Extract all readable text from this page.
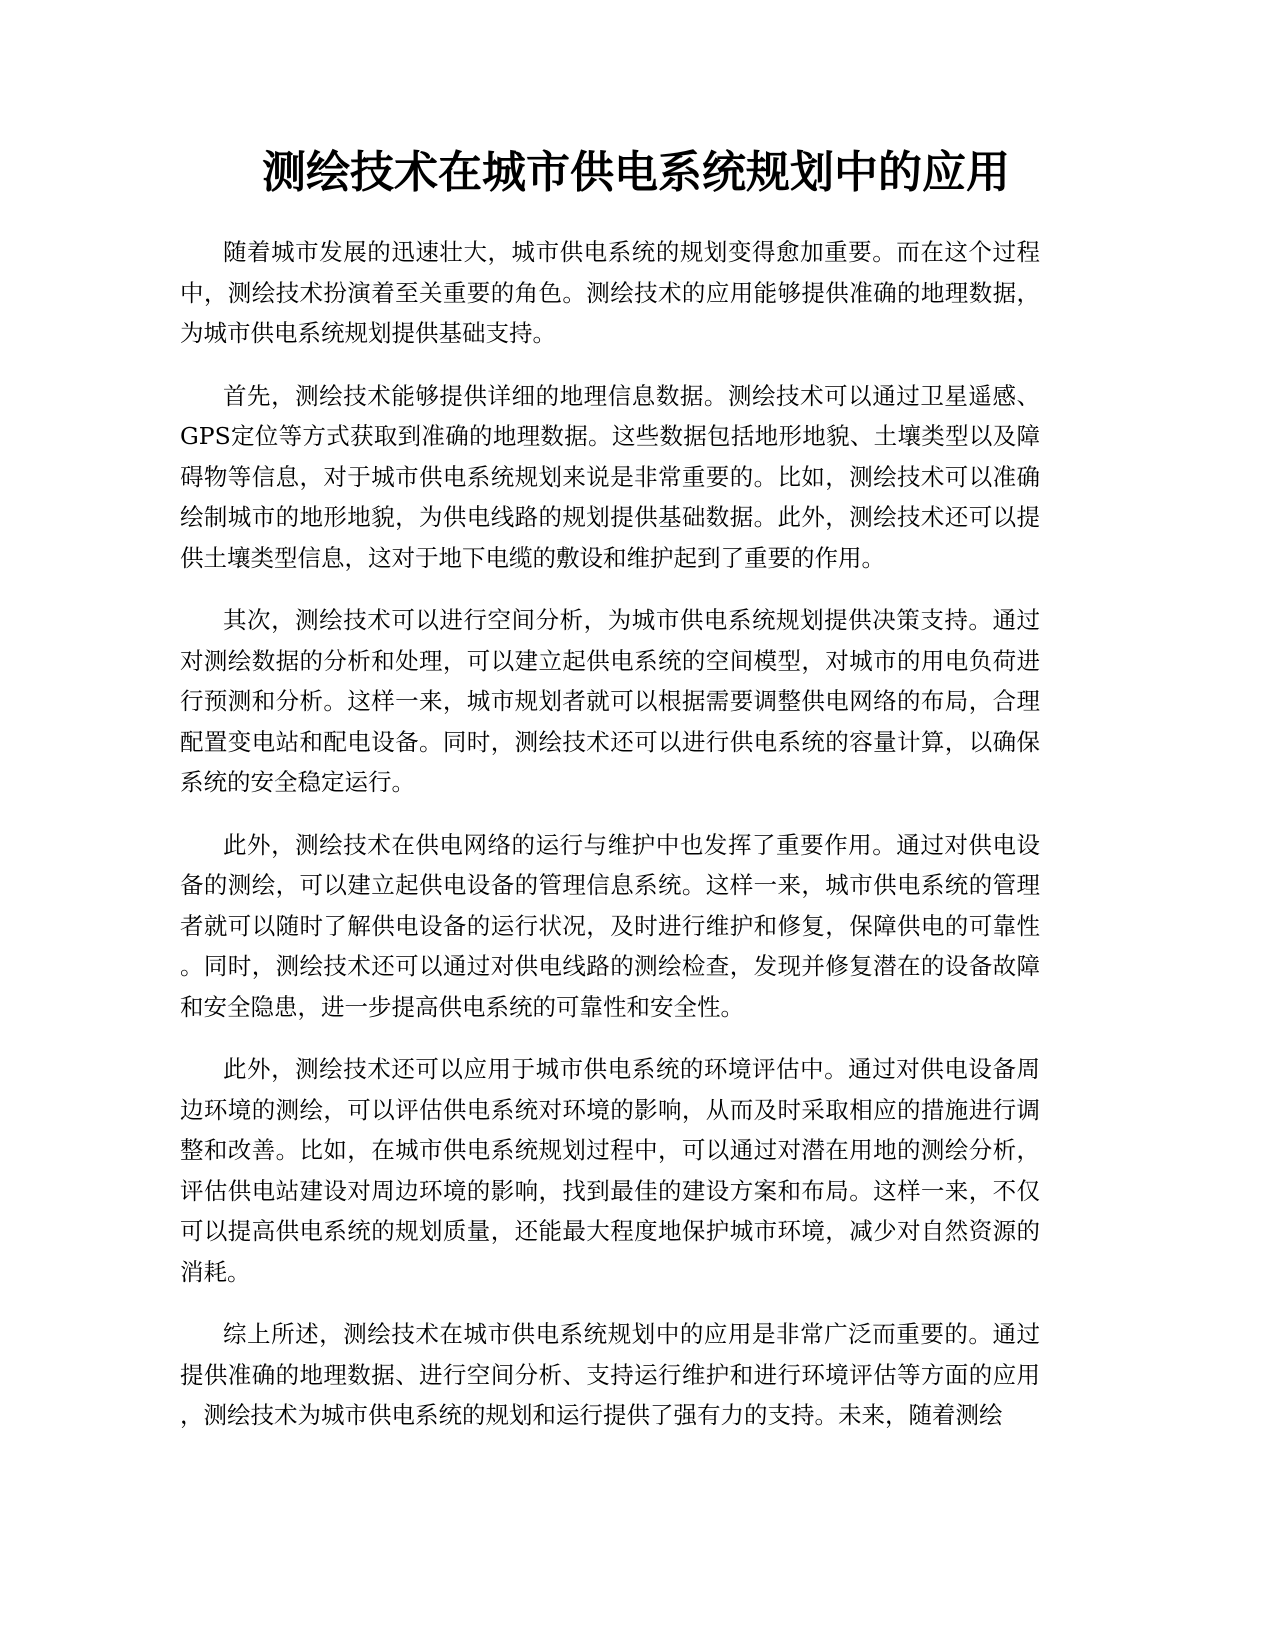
测绘技术在城市供电系统规划中的应用

随着城市发展的迅速壮大，城市供电系统的规划变得愈加重要。而在这个过程中，测绘技术扮演着至关重要的角色。测绘技术的应用能够提供准确的地理数据，为城市供电系统规划提供基础支持。

首先，测绘技术能够提供详细的地理信息数据。测绘技术可以通过卫星遥感、GPS定位等方式获取到准确的地理数据。这些数据包括地形地貌、土壤类型以及障碍物等信息，对于城市供电系统规划来说是非常重要的。比如，测绘技术可以准确绘制城市的地形地貌，为供电线路的规划提供基础数据。此外，测绘技术还可以提供土壤类型信息，这对于地下电缆的敷设和维护起到了重要的作用。

其次，测绘技术可以进行空间分析，为城市供电系统规划提供决策支持。通过对测绘数据的分析和处理，可以建立起供电系统的空间模型，对城市的用电负荷进行预测和分析。这样一来，城市规划者就可以根据需要调整供电网络的布局，合理配置变电站和配电设备。同时，测绘技术还可以进行供电系统的容量计算，以确保系统的安全稳定运行。

此外，测绘技术在供电网络的运行与维护中也发挥了重要作用。通过对供电设备的测绘，可以建立起供电设备的管理信息系统。这样一来，城市供电系统的管理者就可以随时了解供电设备的运行状况，及时进行维护和修复，保障供电的可靠性。同时，测绘技术还可以通过对供电线路的测绘检查，发现并修复潜在的设备故障和安全隐患，进一步提高供电系统的可靠性和安全性。

此外，测绘技术还可以应用于城市供电系统的环境评估中。通过对供电设备周边环境的测绘，可以评估供电系统对环境的影响，从而及时采取相应的措施进行调整和改善。比如，在城市供电系统规划过程中，可以通过对潜在用地的测绘分析，评估供电站建设对周边环境的影响，找到最佳的建设方案和布局。这样一来，不仅可以提高供电系统的规划质量，还能最大程度地保护城市环境，减少对自然资源的消耗。

综上所述，测绘技术在城市供电系统规划中的应用是非常广泛而重要的。通过提供准确的地理数据、进行空间分析、支持运行维护和进行环境评估等方面的应用，测绘技术为城市供电系统的规划和运行提供了强有力的支持。未来，随着测绘
